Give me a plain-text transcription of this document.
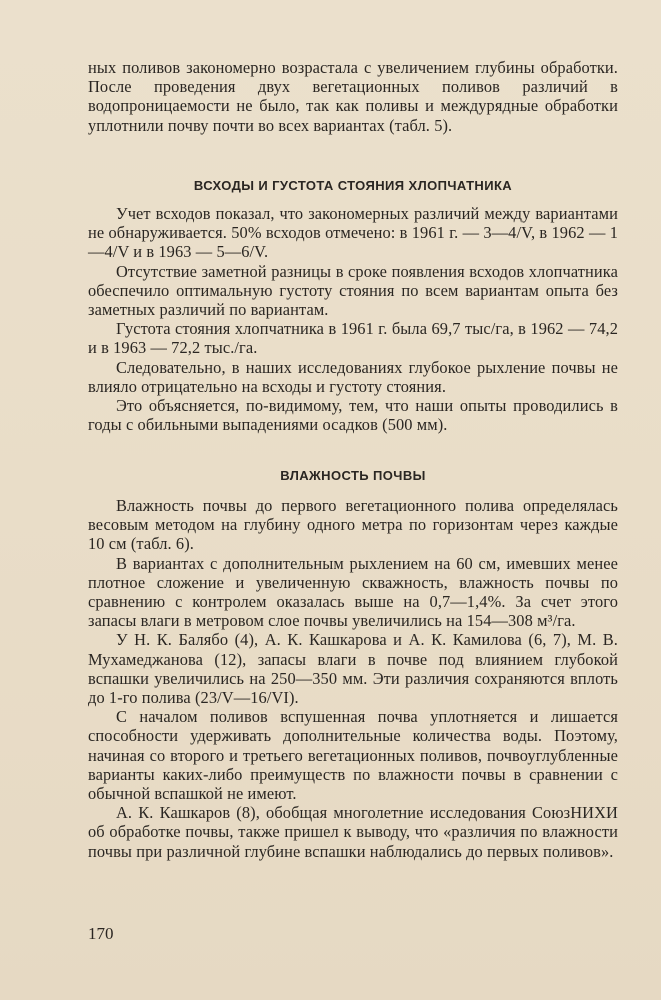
ных поливов закономерно возрастала с увеличением глубины обработки. После проведения двух вегетационных поливов различий в водопроницаемости не было, так как поливы и междурядные обработки уплотнили почву почти во всех вариантах (табл. 5).

ВСХОДЫ И ГУСТОТА СТОЯНИЯ ХЛОПЧАТНИКА

Учет всходов показал, что закономерных различий между вариантами не обнаруживается. 50% всходов отмечено: в 1961 г. — 3—4/V, в 1962 — 1—4/V и в 1963 — 5—6/V.

Отсутствие заметной разницы в сроке появления всходов хлопчатника обеспечило оптимальную густоту стояния по всем вариантам опыта без заметных различий по вариантам.

Густота стояния хлопчатника в 1961 г. была 69,7 тыс/га, в 1962 — 74,2 и в 1963 — 72,2 тыс./га.

Следовательно, в наших исследованиях глубокое рыхление почвы не влияло отрицательно на всходы и густоту стояния.

Это объясняется, по-видимому, тем, что наши опыты проводились в годы с обильными выпадениями осадков (500 мм).

ВЛАЖНОСТЬ ПОЧВЫ

Влажность почвы до первого вегетационного полива определялась весовым методом на глубину одного метра по горизонтам через каждые 10 см (табл. 6).

В вариантах с дополнительным рыхлением на 60 см, имевших менее плотное сложение и увеличенную скважность, влажность почвы по сравнению с контролем оказалась выше на 0,7—1,4%. За счет этого запасы влаги в метровом слое почвы увеличились на 154—308 м³/га.

У Н. К. Балябо (4), А. К. Кашкарова и А. К. Камилова (6, 7), М. В. Мухамеджанова (12), запасы влаги в почве под влиянием глубокой вспашки увеличились на 250—350 мм. Эти различия сохраняются вплоть до 1-го полива (23/V—16/VI).

С началом поливов вспушенная почва уплотняется и лишается способности удерживать дополнительные количества воды. Поэтому, начиная со второго и третьего вегетационных поливов, почвоуглубленные варианты каких-либо преимуществ по влажности почвы в сравнении с обычной вспашкой не имеют.

А. К. Кашкаров (8), обобщая многолетние исследования СоюзНИХИ об обработке почвы, также пришел к выводу, что «различия по влажности почвы при различной глубине вспашки наблюдались до первых поливов».

170
